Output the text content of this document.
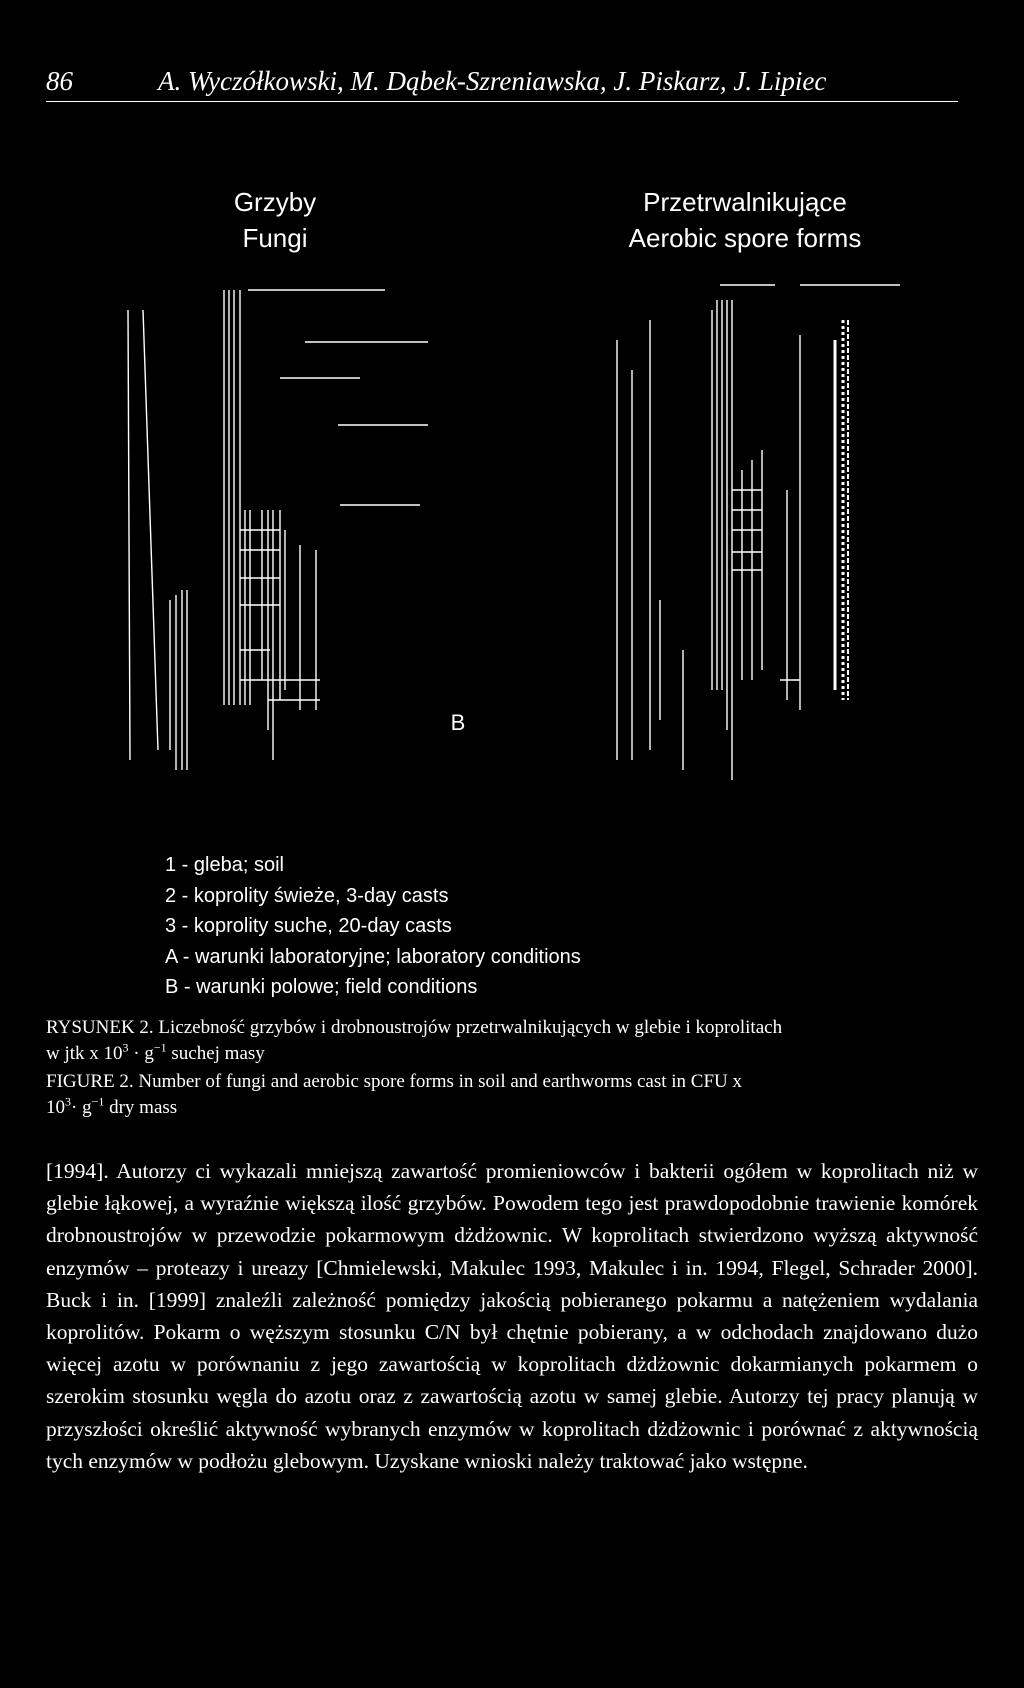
86	A. Wyczółkowski, M. Dąbek-Szreniawska, J. Piskarz, J. Lipiec
Grzyby
Fungi
Przetrwalnikujące
Aerobic spore forms
B
1 - gleba; soil
2 - koprolity świeże, 3-day casts
3 - koprolity suche, 20-day casts
A - warunki laboratoryjne; laboratory conditions
B - warunki polowe; field conditions
RYSUNEK 2. Liczebność grzybów i drobnoustrojów przetrwalnikujących w glebie i koprolitach
w jtk x $10^3 \cdot g^{-1}$ suchej masy
FIGURE 2. Number of fungi and aerobic spore forms in soil and earthworms cast in CFU x
$10^3\cdot g^{-1}$ dry mass
[1994]. Autorzy ci wykazali mniejszą zawartość promieniowców i bakterii ogółem w koprolitach niż w glebie łąkowej, a wyraźnie większą ilość grzybów. Powodem tego jest prawdopodobnie trawienie komórek drobnoustrojów w przewodzie pokarmowym dżdżownic. W koprolitach stwierdzono wyższą aktywność enzymów – proteazy i ureazy [Chmielewski, Makulec 1993, Makulec i in. 1994, Flegel, Schrader 2000]. Buck i in. [1999] znaleźli zależność pomiędzy jakością pobieranego pokarmu a natężeniem wydalania koprolitów. Pokarm o węższym stosunku C/N był chętnie pobierany, a w odchodach znajdowano dużo więcej azotu w porównaniu z jego zawartością w koprolitach dżdżownic dokarmianych pokarmem o szerokim stosunku węgla do azotu oraz z zawartością azotu w samej glebie. Autorzy tej pracy planują w przyszłości określić aktywność wybranych enzymów w koprolitach dżdżownic i porównać z aktywnością tych enzymów w podłożu glebowym. Uzyskane wnioski należy traktować jako wstępne.
